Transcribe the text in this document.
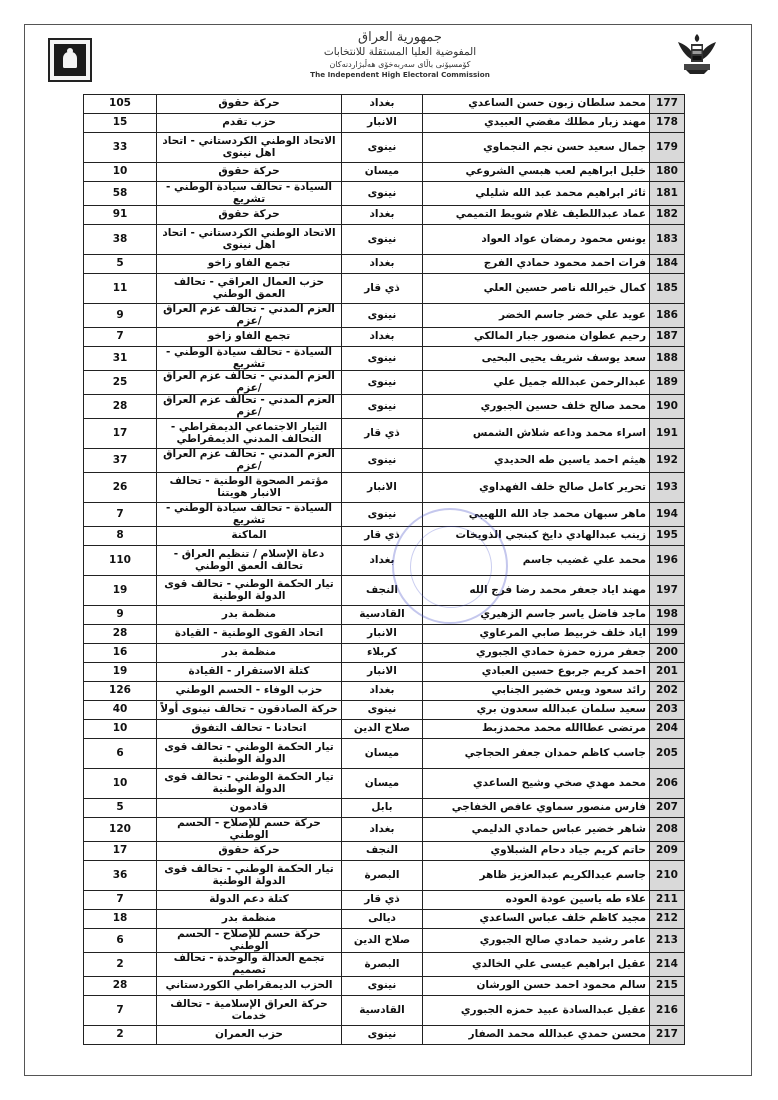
جمهورية العراق
المفوضية العليا المستقلة للانتخابات
کۆمسیۆنی باڵای سەربەخۆی هەڵبژاردنەکان
The Independent High Electoral Commission
105	حركة حقوق	بغداد	محمد سلطان زبون حسن الساعدي	177
15	حزب تقدم	الانبار	مهند زبار مطلك مفضي العبيدي	178
33	الاتحاد الوطني الكردستاني - اتحاد اهل نينوى	نينوى	جمال سعيد حسن نجم النجماوي	179
10	حركة حقوق	ميسان	خليل ابراهيم لعب هبسي الشروعي	180
58	السيادة - تحالف سيادة الوطني - تشريع	نينوى	ثائر ابراهيم محمد عبد الله شليلي	181
91	حركة حقوق	بغداد	عماد عبداللطيف غلام شويط التميمي	182
38	الاتحاد الوطني الكردستاني - اتحاد اهل نينوى	نينوى	يونس محمود رمضان عواد العواد	183
5	تجمع الفاو زاخو	بغداد	فرات احمد محمود حمادي الفرج	184
11	حزب العمال العراقي - تحالف العمق الوطني	ذي قار	كمال خيرالله ناصر حسين العلي	185
9	العزم المدني - تحالف عزم العراق /عزم	نينوى	عويد علي خضر جاسم الخضر	186
7	تجمع الفاو زاخو	بغداد	رحيم عطوان منصور جبار المالكي	187
31	السيادة - تحالف سيادة الوطني - تشريع	نينوى	سعد يوسف شريف يحيى البحيى	188
25	العزم المدني - تحالف عزم العراق /عزم	نينوى	عبدالرحمن عبدالله جميل علي	189
28	العزم المدني - تحالف عزم العراق /عزم	نينوى	محمد صالح خلف حسين الجبوري	190
17	التيار الاجتماعي الديمقراطي - التحالف المدني الديمقراطي	ذي قار	اسراء محمد وداعه شلاش الشمس	191
37	العزم المدني - تحالف عزم العراق /عزم	نينوى	هيثم احمد ياسين طه الحديدي	192
26	مؤتمر الصحوة الوطنية - تحالف الانبار هويتنا	الانبار	تحرير كامل صالح خلف الفهداوي	193
7	السيادة - تحالف سيادة الوطني - تشريع	نينوى	ماهر سبهان محمد جاد الله اللهيبي	194
8	الماكنة	ذي قار	زينب عبدالهادي دايخ كبنجي الذويخات	195
110	دعاة الإسلام / تنظيم العراق - تحالف العمق الوطني	بغداد	محمد علي غضيب جاسم	196
19	تيار الحكمة الوطني - تحالف قوى الدولة الوطنية	النجف	مهند اياد جعفر محمد رضا فرج الله	197
9	منظمة بدر	القادسية	ماجد فاضل ياسر جاسم الزهيري	198
28	اتحاد القوى الوطنية - القيادة	الانبار	اياد خلف خربيط صابي المرعاوي	199
16	منظمة بدر	كربلاء	جعفر مرزه حمزة حمادي الجبوري	200
19	كتلة الاستقرار - القيادة	الانبار	احمد كريم جربوع حسين العبادي	201
126	حزب الوفاء - الحسم الوطني	بغداد	رائد سعود ويس خضير الجنابي	202
40	حركة الصادقون - تحالف نينوى أولاً	نينوى	سعيد سلمان عبدالله سعدون بري	203
10	اتحادنا - تحالف التفوق	صلاح الدين	مرتضى عطاالله محمد محمدزبط	204
6	تيار الحكمة الوطني - تحالف قوى الدولة الوطنية	ميسان	جاسب كاظم حمدان جعفر الحجاجي	205
10	تيار الحكمة الوطني - تحالف قوى الدولة الوطنية	ميسان	محمد مهدي صخي وشيح الساعدي	206
5	قادمون	بابل	فارس منصور سماوي عافص الخفاجي	207
120	حركة حسم للإصلاح - الحسم الوطني	بغداد	شاهر خضير عباس حمادي الدليمي	208
17	حركة حقوق	النجف	حاتم كريم جياد دحام الشبلاوي	209
36	تيار الحكمة الوطني - تحالف قوى الدولة الوطنية	البصرة	جاسم عبدالكريم عبدالعزيز ظاهر	210
7	كتلة دعم الدولة	ذي قار	علاء طه ياسين عودة العوده	211
18	منظمة بدر	ديالى	مجيد كاظم خلف عباس الساعدي	212
6	حركة حسم للإصلاح - الحسم الوطني	صلاح الدين	عامر رشيد حمادي صالح الجبوري	213
2	تجمع العدالة والوحدة - تحالف تصميم	البصرة	عقيل ابراهيم عيسى علي الخالدي	214
28	الحزب الديمقراطي الكوردستاني	نينوى	سالم محمود احمد حسن الورشان	215
7	حركة العراق الإسلامية - تحالف خدمات	القادسية	عقيل عبدالسادة عبيد حمزه الجبوري	216
2	حزب العمران	نينوى	محسن حمدي عبدالله محمد الصفار	217
